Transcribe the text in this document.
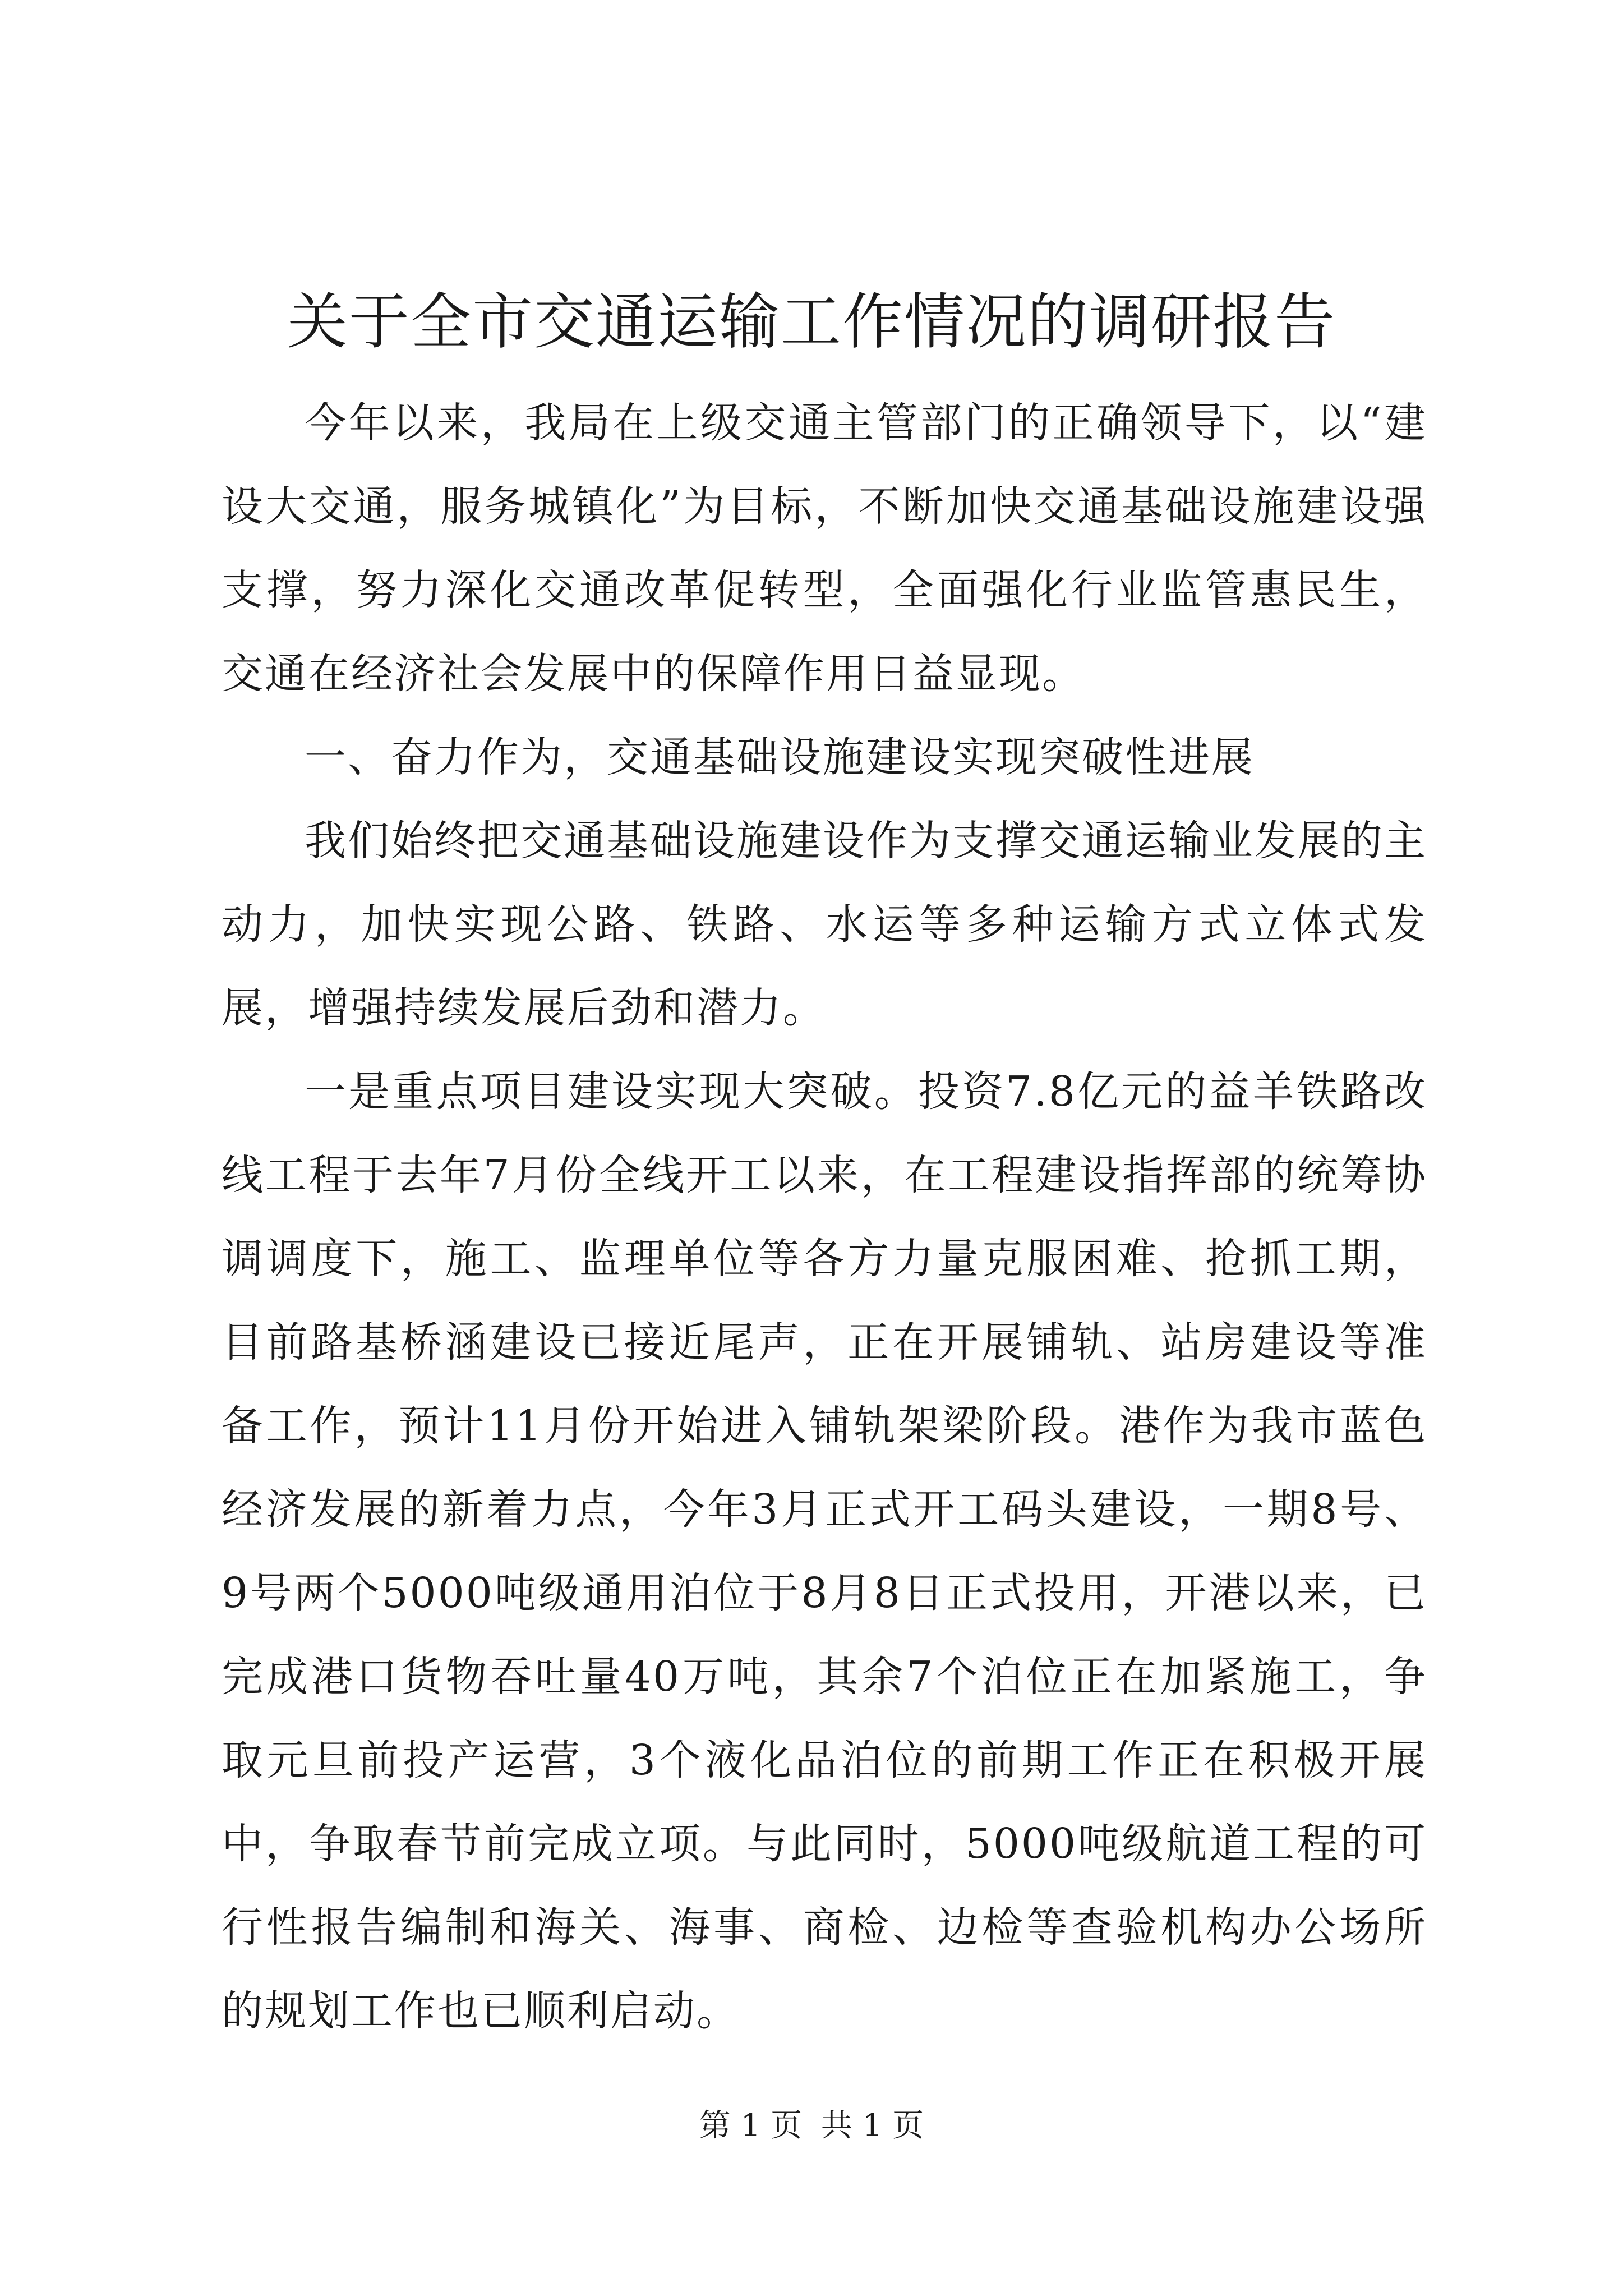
关于全市交通运输工作情况的调研报告

今年以来，我局在上级交通主管部门的正确领导下，以“建设大交通，服务城镇化”为目标，不断加快交通基础设施建设强支撑，努力深化交通改革促转型，全面强化行业监管惠民生，交通在经济社会发展中的保障作用日益显现。

一、奋力作为，交通基础设施建设实现突破性进展

我们始终把交通基础设施建设作为支撑交通运输业发展的主动力，加快实现公路、铁路、水运等多种运输方式立体式发展，增强持续发展后劲和潜力。

一是重点项目建设实现大突破。投资7.8亿元的益羊铁路改线工程于去年7月份全线开工以来，在工程建设指挥部的统筹协调调度下，施工、监理单位等各方力量克服困难、抢抓工期，目前路基桥涵建设已接近尾声，正在开展铺轨、站房建设等准备工作，预计11月份开始进入铺轨架梁阶段。港作为我市蓝色经济发展的新着力点，今年3月正式开工码头建设，一期8号、9号两个5000吨级通用泊位于8月8日正式投用，开港以来，已完成港口货物吞吐量40万吨，其余7个泊位正在加紧施工，争取元旦前投产运营，3个液化品泊位的前期工作正在积极开展中，争取春节前完成立项。与此同时，5000吨级航道工程的可行性报告编制和海关、海事、商检、边检等查验机构办公场所的规划工作也已顺利启动。

第 1 页 共 1 页
